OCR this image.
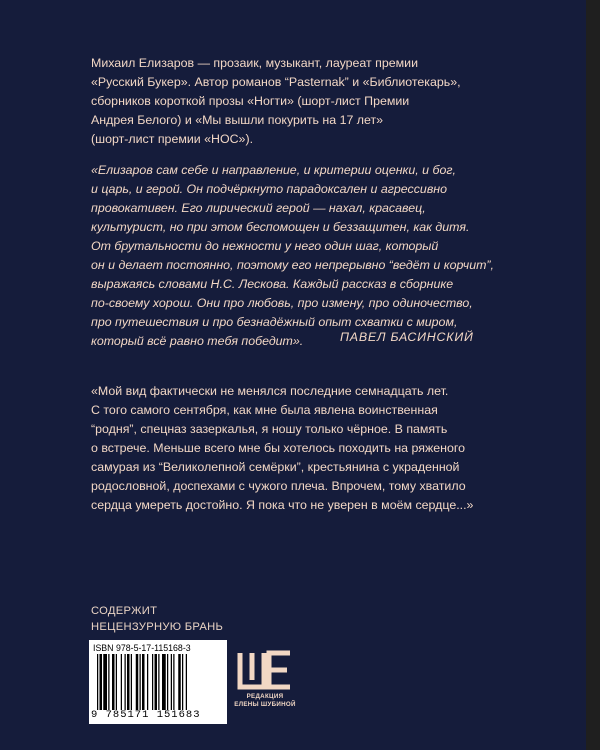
Михаил Елизаров — прозаик, музыкант, лауреат премии
«Русский Букер». Автор романов “Pasternak” и «Библиотекарь»,
сборников короткой прозы «Ногти» (шорт-лист Премии
Андрея Белого) и «Мы вышли покурить на 17 лет»
(шорт-лист премии «НОС»).
«Елизаров сам себе и направление, и критерии оценки, и бог,
и царь, и герой. Он подчёркнуто парадоксален и агрессивно
провокативен. Его лирический герой — нахал, красавец,
культурист, но при этом беспомощен и беззащитен, как дитя.
От брутальности до нежности у него один шаг, который
он и делает постоянно, поэтому его непрерывно “ведёт и корчит”,
выражаясь словами Н.С. Лескова. Каждый рассказ в сборнике
по-своему хорош. Они про любовь, про измену, про одиночество,
про путешествия и про безнадёжный опыт схватки с миром,
который всё равно тебя победит».	ПАВЕЛ БАСИНСКИЙ
«Мой вид фактически не менялся последние семнадцать лет.
С того самого сентября, как мне была явлена воинственная
“родня”, спецназ зазеркалья, я ношу только чёрное. В память
о встрече. Меньше всего мне бы хотелось походить на ряженого
самурая из “Великолепной семёрки”, крестьянина с украденной
родословной, доспехами с чужого плеча. Впрочем, тому хватило
сердца умереть достойно. Я пока что не уверен в моём сердце...»
СОДЕРЖИТ
НЕЦЕНЗУРНУЮ БРАНЬ
ISBN 978-5-17-115168-3
9 785171 151683
РЕДАКЦИЯ
ЕЛЕНЫ ШУБИНОЙ
